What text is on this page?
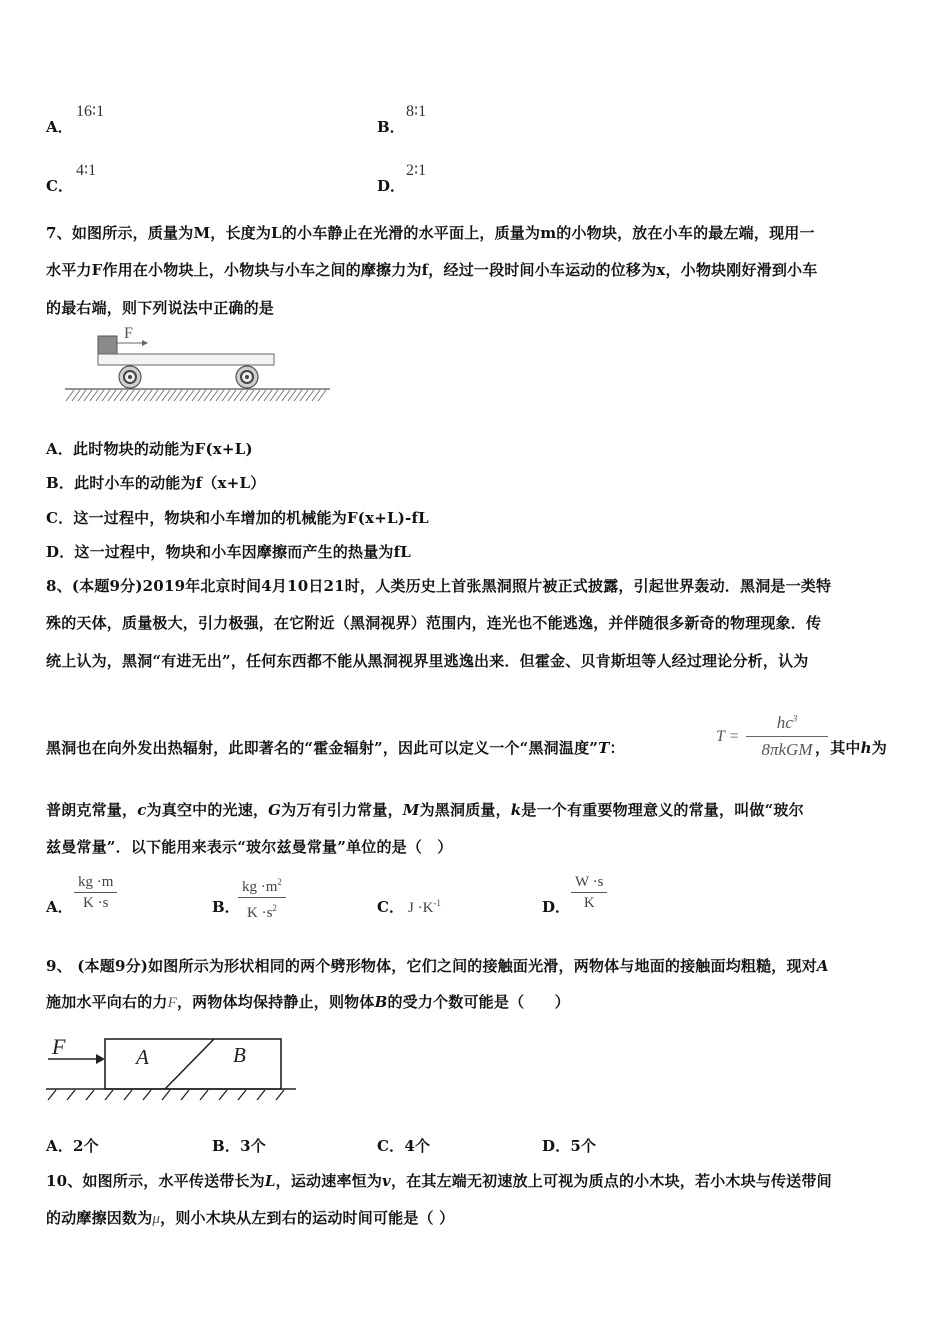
A．
16∶1
B．
8∶1
C．
4∶1
D．
2∶1
7、如图所示，质量为M，长度为L的小车静止在光滑的水平面上，质量为m的小物块，放在小车的最左端，现用一
水平力F作用在小物块上，小物块与小车之间的摩擦力为f，经过一段时间小车运动的位移为x，小物块刚好滑到小车
的最右端，则下列说法中正确的是
F
A．此时物块的动能为F(x+L)
B．此时小车的动能为f（x+L）
C．这一过程中，物块和小车增加的机械能为F(x+L)-fL
D．这一过程中，物块和小车因摩擦而产生的热量为fL
8、(本题9分)2019年北京时间4月10日21时，人类历史上首张黑洞照片被正式披露，引起世界轰动．黑洞是一类特
殊的天体，质量极大，引力极强，在它附近（黑洞视界）范围内，连光也不能逃逸，并伴随很多新奇的物理现象．传
统上认为，黑洞“有进无出”，任何东西都不能从黑洞视界里逃逸出来．但霍金、贝肯斯坦等人经过理论分析，认为
黑洞也在向外发出热辐射，此即著名的“霍金辐射”，因此可以定义一个“黑洞温度”T：
T =
$hc^3$
8πkGM ，其中h为
普朗克常量，c为真空中的光速，G为万有引力常量，M为黑洞质量，k是一个有重要物理意义的常量，叫做“玻尔
兹曼常量”．以下能用来表示“玻尔兹曼常量”单位的是（　）
A． $\frac{kg \cdot m}{K \cdot s}$	B．
$\frac{kg \cdot m^2}{K \cdot s^2}$	C． $J \cdot K^{-1}$	D． $\frac{W \cdot s}{K}$
9、 (本题9分)如图所示为形状相同的两个劈形物体，它们之间的接触面光滑，两物体与地面的接触面均粗糙，现对A
施加水平向右的力F，两物体均保持静止，则物体B的受力个数可能是（　　）
F	A	B
A．2个	B．3个	C．4个	D．5个
10、如图所示，水平传送带长为L，运动速率恒为v，在其左端无初速放上可视为质点的小木块，若小木块与传送带间
的动摩擦因数为μ，则小木块从左到右的运动时间可能是（ ）
